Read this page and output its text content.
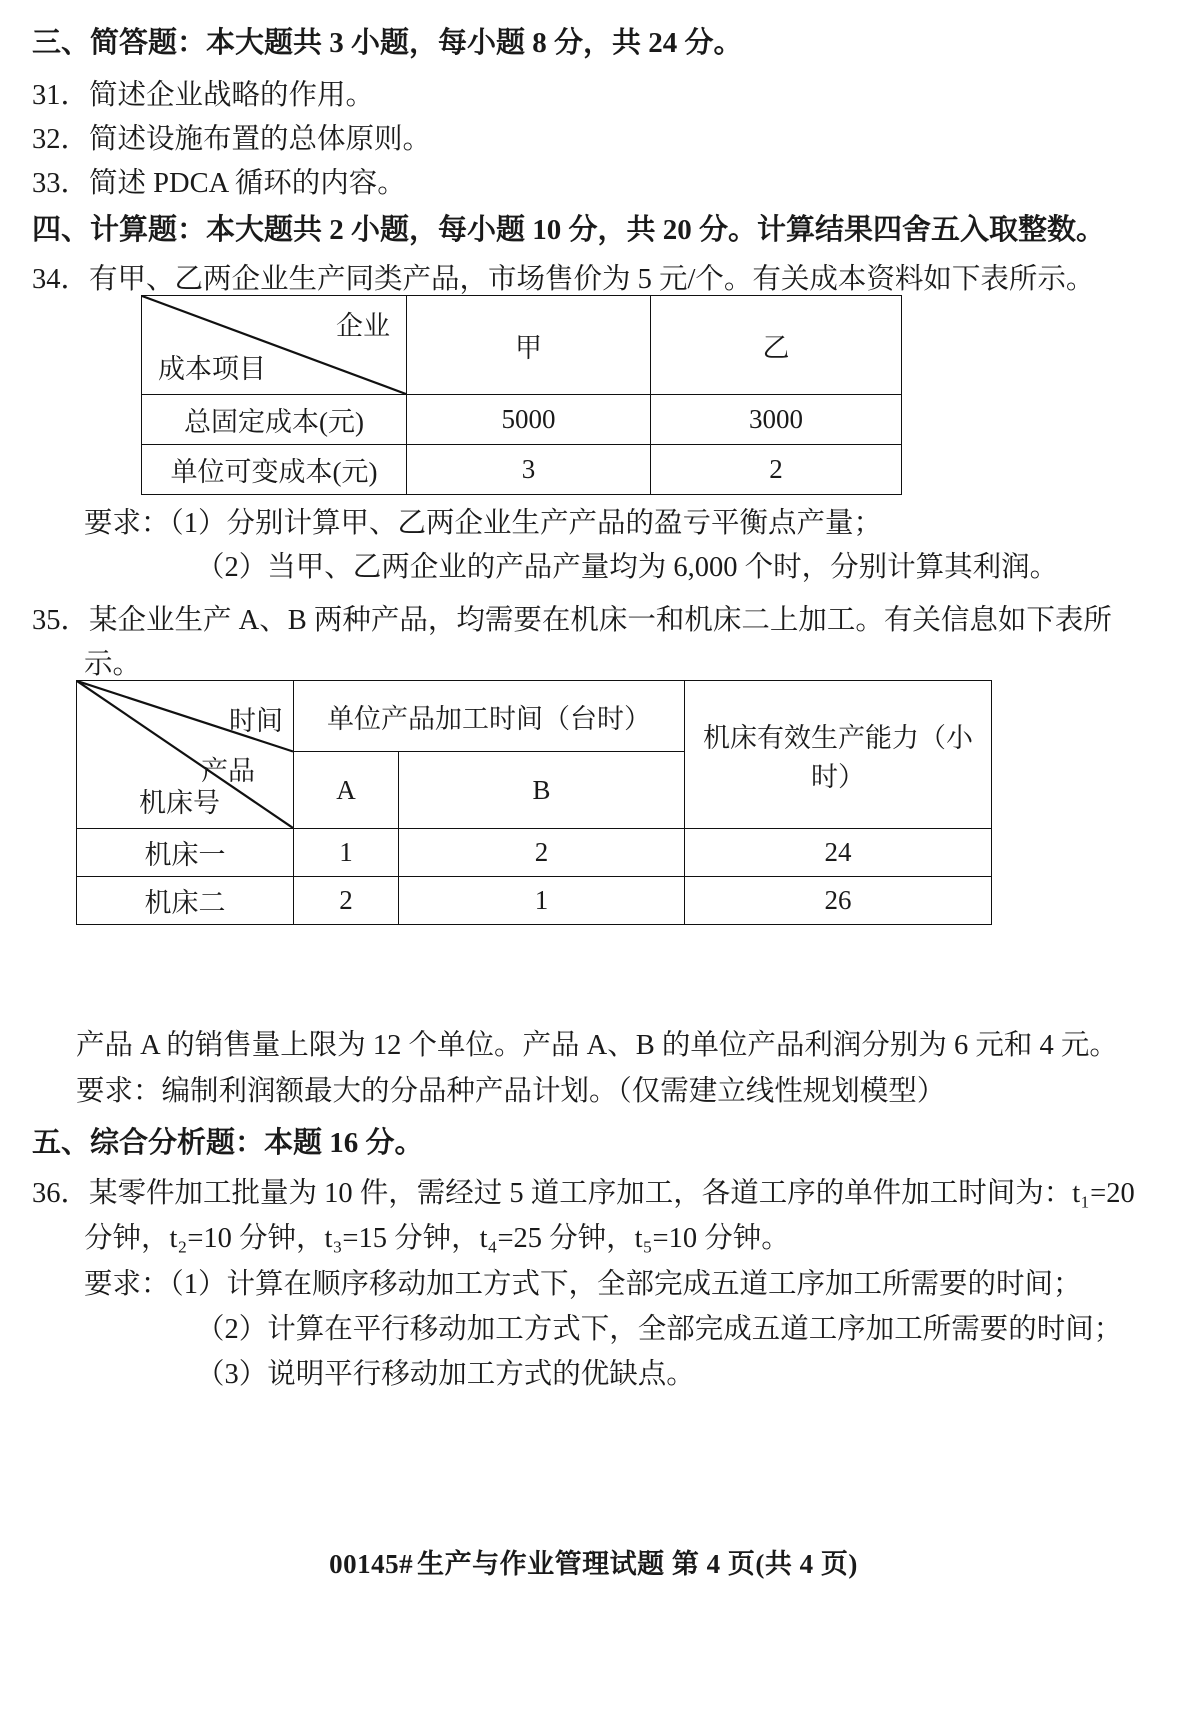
三、简答题：本大题共 3 小题，每小题 8 分，共 24 分。
31．简述企业战略的作用。
32．简述设施布置的总体原则。
33．简述 PDCA 循环的内容。
四、计算题：本大题共 2 小题，每小题 10 分，共 20 分。计算结果四舍五入取整数。
34．有甲、乙两企业生产同类产品，市场售价为 5 元/个。有关成本资料如下表所示。
企业
成本项目	甲	乙
总固定成本(元)	5000	3000
单位可变成本(元)	3	2
要求：（1）分别计算甲、乙两企业生产产品的盈亏平衡点产量；
（2）当甲、乙两企业的产品产量均为 6,000 个时，分别计算其利润。
35．某企业生产 A、B 两种产品，均需要在机床一和机床二上加工。有关信息如下表所
示。
时间
产品
机床号	单位产品加工时间（台时）		机床有效生产能力（小时）
	A	B	
机床一	1	2	24
机床二	2	1	26
产品 A 的销售量上限为 12 个单位。产品 A、B 的单位产品利润分别为 6 元和 4 元。
要求：编制利润额最大的分品种产品计划。（仅需建立线性规划模型）
五、综合分析题：本题 16 分。
36．某零件加工批量为 10 件，需经过 5 道工序加工，各道工序的单件加工时间为：t₁=20
分钟，t₂=10 分钟，t₃=15 分钟，t₄=25 分钟，t₅=10 分钟。
要求：（1）计算在顺序移动加工方式下，全部完成五道工序加工所需要的时间；
（2）计算在平行移动加工方式下，全部完成五道工序加工所需要的时间；
（3）说明平行移动加工方式的优缺点。
00145# 生产与作业管理试题 第 4 页(共 4 页)
